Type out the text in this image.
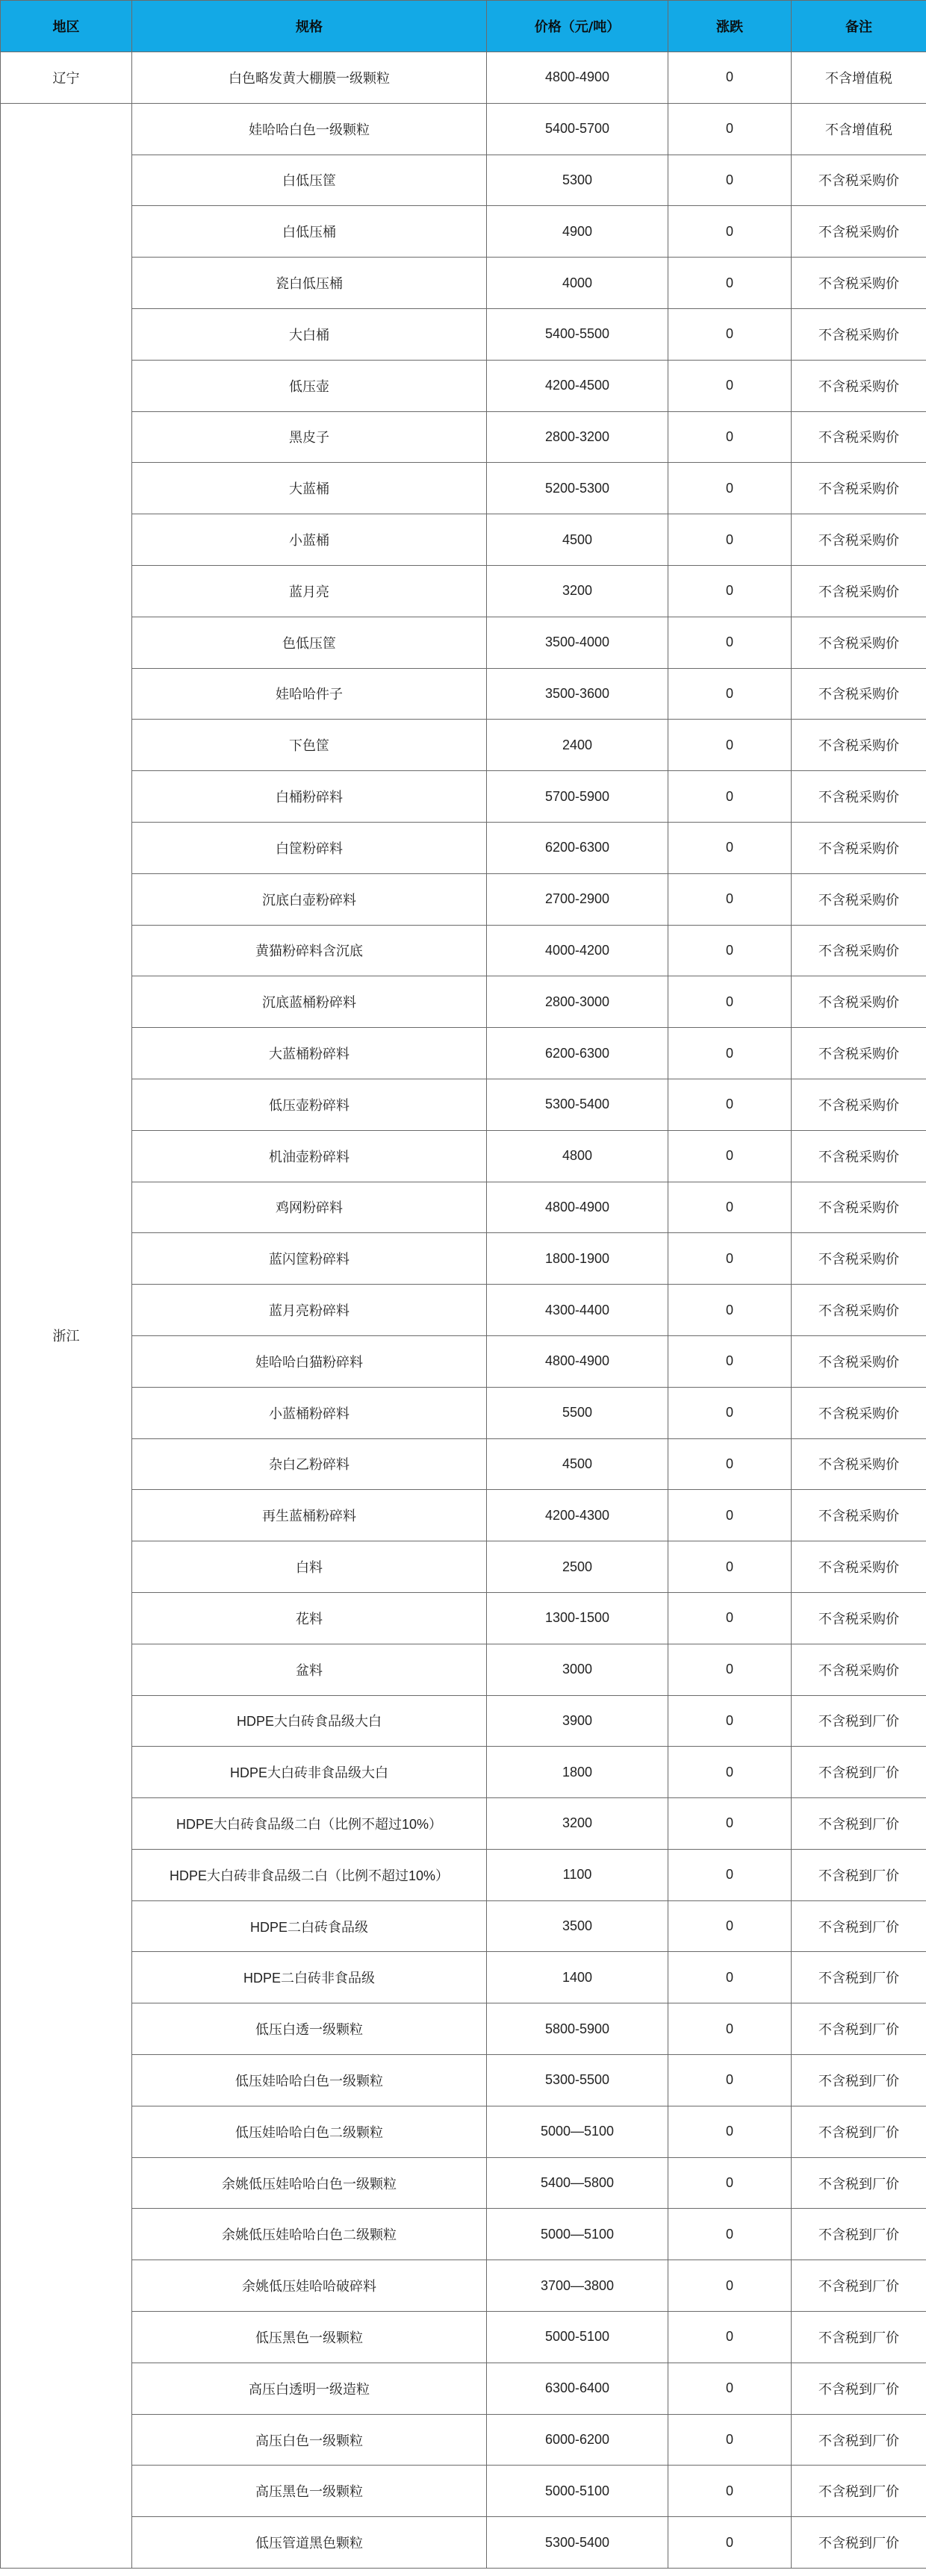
地区	规格	价格（元/吨）	涨跌	备注
辽宁	白色略发黄大棚膜一级颗粒	4800-4900	0	不含增值税
浙江	娃哈哈白色一级颗粒	5400-5700	0	不含增值税
	白低压筐	5300	0	不含税采购价
	白低压桶	4900	0	不含税采购价
	瓷白低压桶	4000	0	不含税采购价
	大白桶	5400-5500	0	不含税采购价
	低压壶	4200-4500	0	不含税采购价
	黑皮子	2800-3200	0	不含税采购价
	大蓝桶	5200-5300	0	不含税采购价
	小蓝桶	4500	0	不含税采购价
	蓝月亮	3200	0	不含税采购价
	色低压筐	3500-4000	0	不含税采购价
	娃哈哈件子	3500-3600	0	不含税采购价
	下色筐	2400	0	不含税采购价
	白桶粉碎料	5700-5900	0	不含税采购价
	白筐粉碎料	6200-6300	0	不含税采购价
	沉底白壶粉碎料	2700-2900	0	不含税采购价
	黄猫粉碎料含沉底	4000-4200	0	不含税采购价
	沉底蓝桶粉碎料	2800-3000	0	不含税采购价
	大蓝桶粉碎料	6200-6300	0	不含税采购价
	低压壶粉碎料	5300-5400	0	不含税采购价
	机油壶粉碎料	4800	0	不含税采购价
	鸡网粉碎料	4800-4900	0	不含税采购价
	蓝闪筐粉碎料	1800-1900	0	不含税采购价
	蓝月亮粉碎料	4300-4400	0	不含税采购价
	娃哈哈白猫粉碎料	4800-4900	0	不含税采购价
	小蓝桶粉碎料	5500	0	不含税采购价
	杂白乙粉碎料	4500	0	不含税采购价
	再生蓝桶粉碎料	4200-4300	0	不含税采购价
	白料	2500	0	不含税采购价
	花料	1300-1500	0	不含税采购价
	盆料	3000	0	不含税采购价
	HDPE大白砖食品级大白	3900	0	不含税到厂价
	HDPE大白砖非食品级大白	1800	0	不含税到厂价
	HDPE大白砖食品级二白（比例不超过10%）	3200	0	不含税到厂价
	HDPE大白砖非食品级二白（比例不超过10%）	1100	0	不含税到厂价
	HDPE二白砖食品级	3500	0	不含税到厂价
	HDPE二白砖非食品级	1400	0	不含税到厂价
	低压白透一级颗粒	5800-5900	0	不含税到厂价
	低压娃哈哈白色一级颗粒	5300-5500	0	不含税到厂价
	低压娃哈哈白色二级颗粒	5000—5100	0	不含税到厂价
	余姚低压娃哈哈白色一级颗粒	5400—5800	0	不含税到厂价
	余姚低压娃哈哈白色二级颗粒	5000—5100	0	不含税到厂价
	余姚低压娃哈哈破碎料	3700—3800	0	不含税到厂价
	低压黑色一级颗粒	5000-5100	0	不含税到厂价
	高压白透明一级造粒	6300-6400	0	不含税到厂价
	高压白色一级颗粒	6000-6200	0	不含税到厂价
	高压黑色一级颗粒	5000-5100	0	不含税到厂价
	低压管道黑色颗粒	5300-5400	0	不含税到厂价
